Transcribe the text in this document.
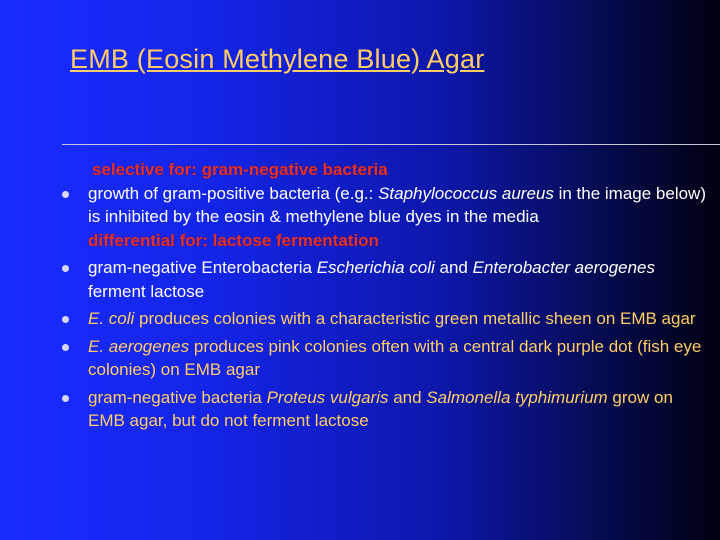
EMB (Eosin Methylene Blue) Agar
selective for: gram-negative bacteria
growth of gram-positive bacteria (e.g.: Staphylococcus aureus in the image below) is inhibited by the eosin & methylene blue dyes in the media
differential for: lactose fermentation
gram-negative Enterobacteria Escherichia coli and Enterobacter aerogenes ferment lactose
E. coli produces colonies with a characteristic green metallic sheen on EMB agar
E. aerogenes produces pink colonies often with a central dark purple dot (fish eye colonies) on EMB agar
gram-negative bacteria Proteus vulgaris and Salmonella typhimurium grow on EMB agar, but do not ferment lactose
